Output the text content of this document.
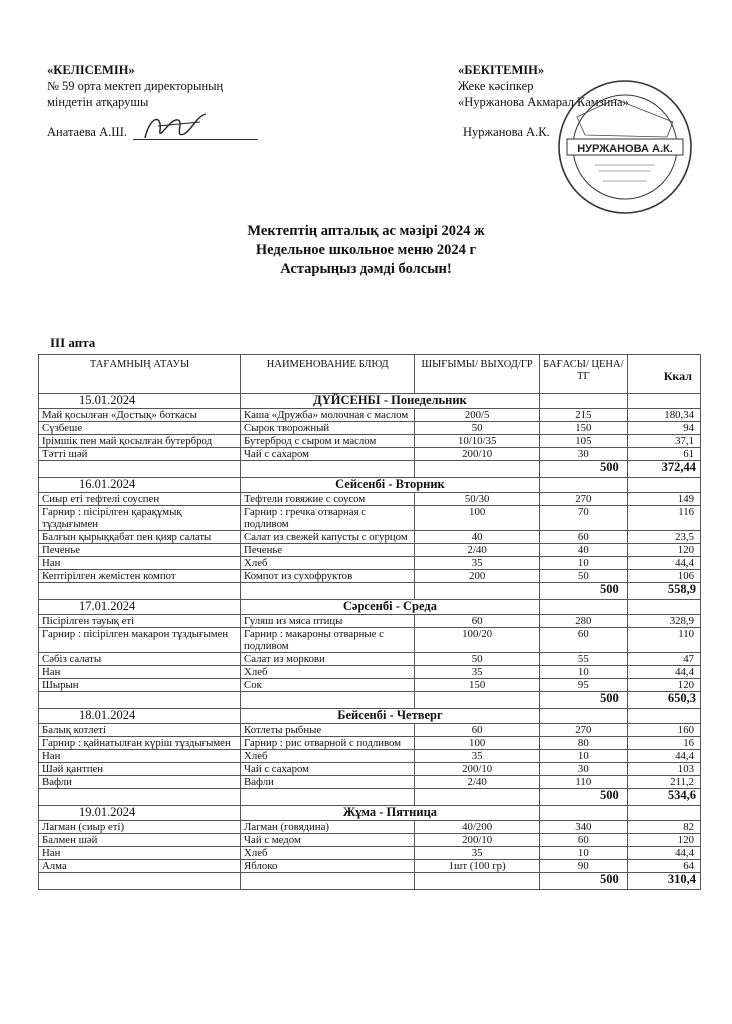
«КЕЛІСЕМІН»
№ 59 орта мектеп директорының
міндетін атқарушы
Анатаева А.Ш.
«БЕКІТЕМІН»
Жеке кәсіпкер
«Нуржанова Акмарал Камзина»
Нуржанова А.К.
НУРЖАНОВА А.К.
Мектептің апталық ас мәзірі 2024 ж
Недельное школьное меню 2024 г
Астарыңыз дәмді болсын!
III апта
ТАҒАМНЫҢ АТАУЫ	НАИМЕНОВАНИЕ БЛЮД	ШЫҒЫМЫ/ ВЫХОД/ГР	БАҒАСЫ/ ЦЕНА/ТГ	Ккал
15.01.2024	ДҮЙСЕНБІ - Понедельник			
Май қосылған «Достық» боткасы	Каша «Дружба» молочная с маслом	200/5	215	180,34
Сүзбеше	Сырок творожный	50	150	94
Ірімшік пен май қосылған бутерброд	Бутерброд с сыром и маслом	10/10/35	105	37,1
Тәтті шәй	Чай с сахаром	200/10	30	61
			500	372,44
16.01.2024	Сейсенбі - Вторник			
Сиыр еті тефтелі соуспен	Тефтели говяжие с соусом	50/30	270	149
Гарнир : пісірілген қарақұмық тұздығымен	Гарнир : гречка отварная с подливом	100	70	116
Балғын қырыққабат пен қияр салаты	Салат из свежей капусты с огурцом	40	60	23,5
Печенье	Печенье	2/40	40	120
Нан	Хлеб	35	10	44,4
Кептірілген жемістен компот	Компот из сухофруктов	200	50	106
			500	558,9
17.01.2024	Сәрсенбі - Среда			
Пісірілген тауық еті	Гуляш из мяса птицы	60	280	328,9
Гарнир : пісірілген макарон тұздығымен	Гарнир : макароны отварные с подливом	100/20	60	110
Сәбіз салаты	Салат из моркови	50	55	47
Нан	Хлеб	35	10	44,4
Шырын	Сок	150	95	120
			500	650,3
18.01.2024	Бейсенбі - Четверг			
Балық котлеті	Котлеты рыбные	60	270	160
Гарнир : қайнатылған күріш тұздығымен	Гарнир : рис отварной с подливом	100	80	16
Нан	Хлеб	35	10	44,4
Шәй қантпен	Чай с сахаром	200/10	30	103
Вафли	Вафли	2/40	110	211,2
			500	534,6
19.01.2024	Жұма - Пятница			
Лагман (сиыр еті)	Лагман (говядина)	40/200	340	82
Балмен шәй	Чай с медом	200/10	60	120
Нан	Хлеб	35	10	44,4
Алма	Яблоко	1шт (100 гр)	90	64
			500	310,4
